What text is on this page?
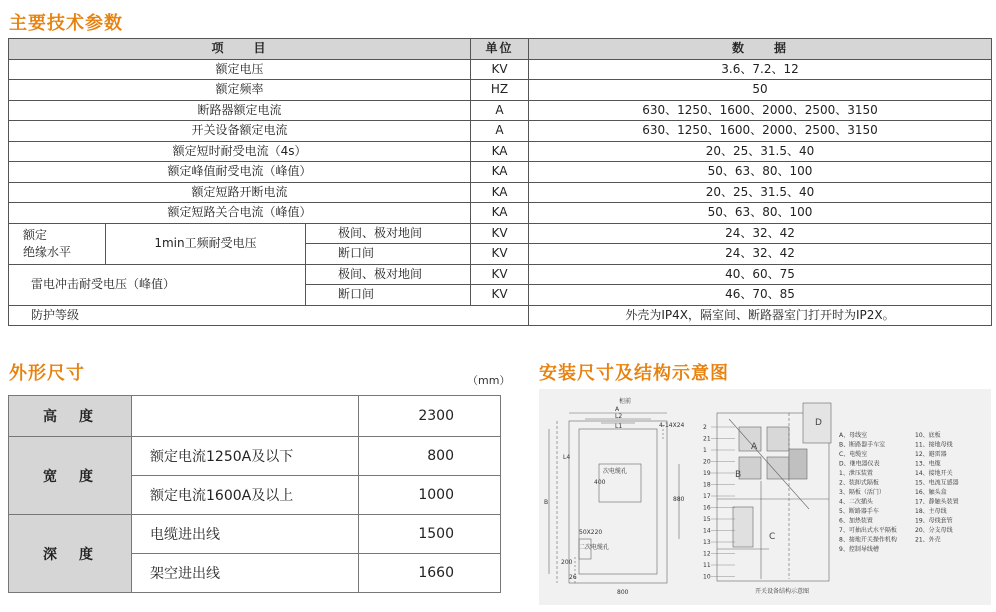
主要技术参数
项　　目			单位	数　　据
额定电压			KV	3.6、7.2、12
额定频率			HZ	50
断路器额定电流			A	630、1250、1600、2000、2500、3150
开关设备额定电流			A	630、1250、1600、2000、2500、3150
额定短时耐受电流（4s）			KA	20、25、31.5、40
额定峰值耐受电流（峰值）			KA	50、63、80、100
额定短路开断电流			KA	20、25、31.5、40
额定短路关合电流（峰值）			KA	50、63、80、100
额定
绝缘水平	1min工频耐受电压	极间、极对地间	KV	24、32、42
		断口间	KV	24、32、42
雷电冲击耐受电压（峰值）		极间、极对地间	KV	40、60、75
		断口间	KV	46、70、85
防护等级				外壳为IP4X，隔室间、断路器室门打开时为IP2X。
外形尺寸	（mm）
高　度		2300
宽　度	额定电流1250A及以下	800
	额定电流1600A及以上	1000
深　度	电缆进出线	1500
	架空进出线	1660
安装尺寸及结构示意图
柜前
A
L2
L1	4-14X24
L4
B
400
880
800
50X220
200
26
次电缆孔
二次电缆孔
A
B
C
D
2
21
1
20
19
18
17
16
15
14
13
12
11
10
开关设备结构示意图
A、母线室
B、断路器手车室
C、电缆室
D、继电器仪表
1、泄压装置
2、装卸式隔板
3、隔板（活门）
4、二次插头
5、断路器手车
6、加热装置
7、可抽出式水平隔板
8、接地开关操作机构
9、控制导线槽
10、底板
11、接地母线
12、避雷器
13、电缆
14、接地开关
15、电流互感器
16、触头盒
17、静触头装置
18、主母线
19、母线套管
20、分支母线
21、外壳
